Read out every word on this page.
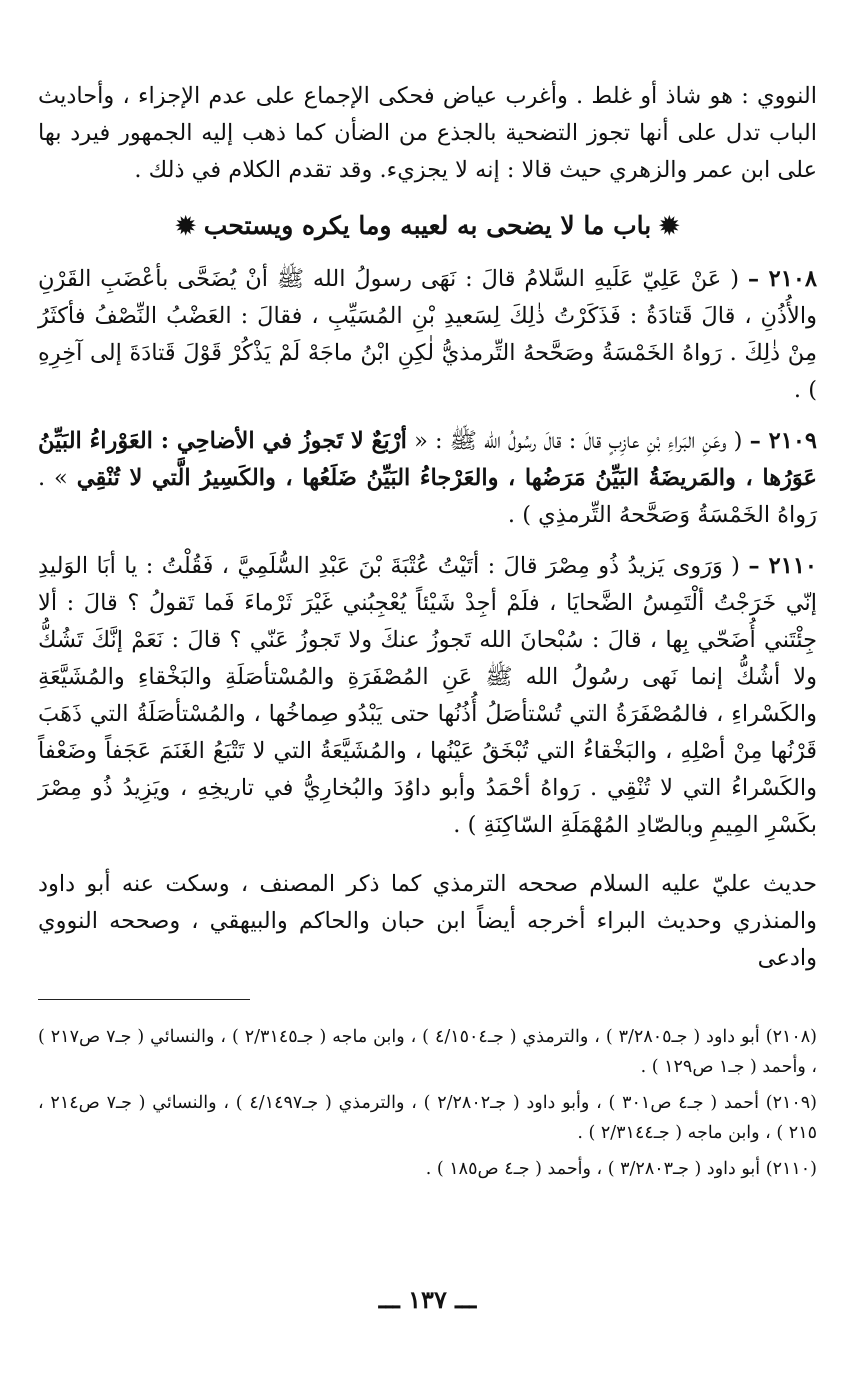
النووي : هو شاذ أو غلط . وأغرب عياض فحكى الإجماع على عدم الإجزاء ، وأحاديث الباب تدل على أنها تجوز التضحية بالجذع من الضأن كما ذهب إليه الجمهور فيرد بها على ابن عمر والزهري حيث قالا : إنه لا يجزيء. وقد تقدم الكلام في ذلك .

✹باب ما لا يضحى به لعيبه وما يكره ويستحب✹

٢١٠٨ – ( عَنْ عَلِيّ عَلَيهِ السَّلامُ قالَ : نَهَى رسولُ الله ﷺ أنْ يُضَحَّى بأعْضَبِ القَرْنِ والأُذُنِ ، قالَ قَتادَةُ : فَذَكَرْتُ ذٰلِكَ لِسَعيدِ بْنِ المُسَيِّبِ ، فقالَ : العَضْبُ النِّصْفُ فأكثَرُ مِنْ ذٰلِكَ . رَواهُ الخَمْسَةُ وصَحَّحهُ التِّرمذيُّ لٰكِنِ ابْنُ ماجَهْ لَمْ يَذْكُرْ قَوْلَ قَتادَةَ إلى آخِرِهِ ) .

٢١٠٩ – ( وعَنِ البَراءِ بْنِ عازِبٍ قالَ : قالَ رسُولُ الله ﷺ : « أرْبَعٌ لا تَجوزُ في الأضاحِي : العَوْراءُ البَيِّنُ عَوَرُها ، والمَريضَةُ البَيِّنُ مَرَضُها ، والعَرْجاءُ البَيِّنُ ضَلَعُها ، والكَسِيرُ الَّتي لا تُنْقِي » . رَواهُ الخَمْسَةُ وَصَحَّحهُ التِّرمذِي ) .

٢١١٠ – ( وَرَوى يَزيدُ ذُو مِصْرَ قالَ : أتَيْتُ عُتْبَةَ بْنَ عَبْدِ السُّلَمِيَّ ، فَقُلْتُ : يا أبَا الوَليدِ إنّي خَرَجْتُ ألْتَمِسُ الضَّحايَا ، فلَمْ أجِدْ شَيْئاً يُعْجِبُني غَيْرَ ثَرْماءَ فَما تَقولُ ؟ قالَ : ألا جِئْتَني أُضَحّي بِها ، قالَ : سُبْحانَ الله تَجوزُ عنكَ ولا تَجوزُ عَنّي ؟ قالَ : نَعَمْ إنَّكَ تَشُكُّ ولا أشُكُّ إنما نَهى رسُولُ الله ﷺ عَنِ المُصْفَرَةِ والمُسْتأصَلَةِ والبَخْقاءِ والمُشَيَّعَةِ والكَسْراءِ ، فالمُصْفَرَةُ التي تُسْتأصَلُ أُذُنُها حتى يَبْدُو صِماخُها ، والمُسْتأصَلَةُ التي ذَهَبَ قَرْنُها مِنْ أصْلِهِ ، والبَخْقاءُ التي تُبْخَقُ عَيْنُها ، والمُشَيَّعَةُ التي لا تَتْبَعُ الغَنَمَ عَجَفاً وضَعْفاً والكَسْراءُ التي لا تُنْقِي . رَواهُ أحْمَدُ وأبو داوُدَ والبُخارِيُّ في تاريخِهِ ، ويَزِيدُ ذُو مِصْرَ بكَسْرِ المِيمِ وبالصّادِ المُهْمَلَةِ السّاكِنَةِ ) .

حديث عليّ عليه السلام صححه الترمذي كما ذكر المصنف ، وسكت عنه أبو داود والمنذري وحديث البراء أخرجه أيضاً ابن حبان والحاكم والبيهقي ، وصححه النووي وادعى

(٢١٠٨) أبو داود ( جـ٣/٢٨٠٥ ) ، والترمذي ( جـ٤/١٥٠٤ ) ، وابن ماجه ( جـ٢/٣١٤٥ ) ، والنسائي ( جـ٧ ص٢١٧ ) ، وأحمد ( جـ١ ص١٢٩ ) .

(٢١٠٩) أحمد ( جـ٤ ص٣٠١ ) ، وأبو داود ( جـ٢/٢٨٠٢ ) ، والترمذي ( جـ٤/١٤٩٧ ) ، والنسائي ( جـ٧ ص٢١٤ ، ٢١٥ ) ، وابن ماجه ( جـ٢/٣١٤٤ ) .

(٢١١٠) أبو داود ( جـ٣/٢٨٠٣ ) ، وأحمد ( جـ٤ ص١٨٥ ) .

ـــ ١٣٧ ـــ
